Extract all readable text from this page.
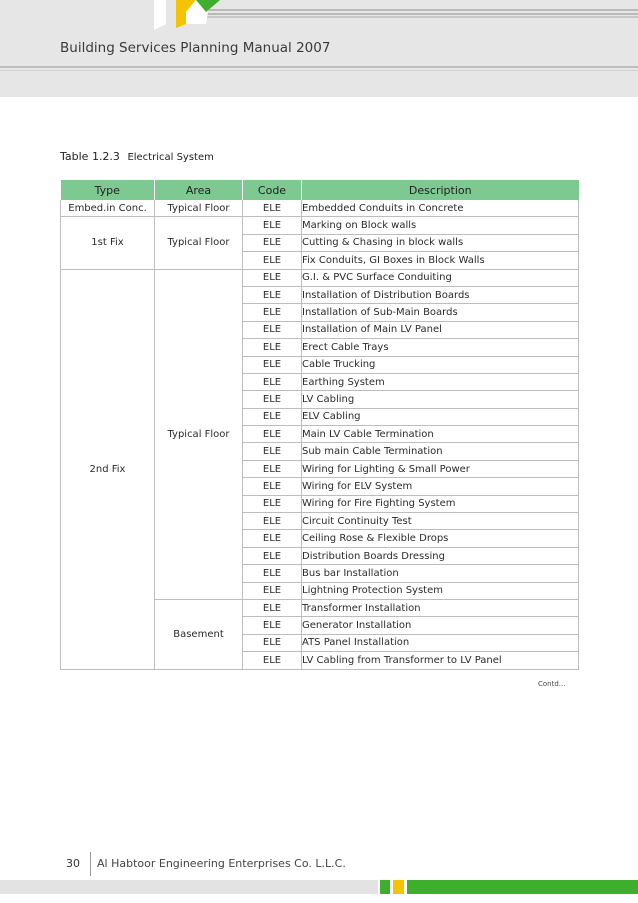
Building Services Planning Manual 2007
Table 1.2.3 Electrical System
Type	Area	Code	Description
Embed.in Conc.	Typical Floor	ELE	Embedded Conduits in Concrete
1st Fix	Typical Floor	ELE	Marking on Block walls
		ELE	Cutting & Chasing in block walls
		ELE	Fix Conduits, GI Boxes in Block Walls
2nd Fix	Typical Floor	ELE	G.I. & PVC Surface Conduiting
		ELE	Installation of Distribution Boards
		ELE	Installation of Sub-Main Boards
		ELE	Installation of Main LV Panel
		ELE	Erect Cable Trays
		ELE	Cable Trucking
		ELE	Earthing System
		ELE	LV Cabling
		ELE	ELV Cabling
		ELE	Main LV Cable Termination
		ELE	Sub main Cable Termination
		ELE	Wiring for Lighting & Small Power
		ELE	Wiring for ELV System
		ELE	Wiring for Fire Fighting System
		ELE	Circuit Continuity Test
		ELE	Ceiling Rose & Flexible Drops
		ELE	Distribution Boards Dressing
		ELE	Bus bar Installation
		ELE	Lightning Protection System
	Basement	ELE	Transformer Installation
		ELE	Generator Installation
		ELE	ATS Panel Installation
		ELE	LV Cabling from Transformer to LV Panel
Contd...
30 Al Habtoor Engineering Enterprises Co. L.L.C.
